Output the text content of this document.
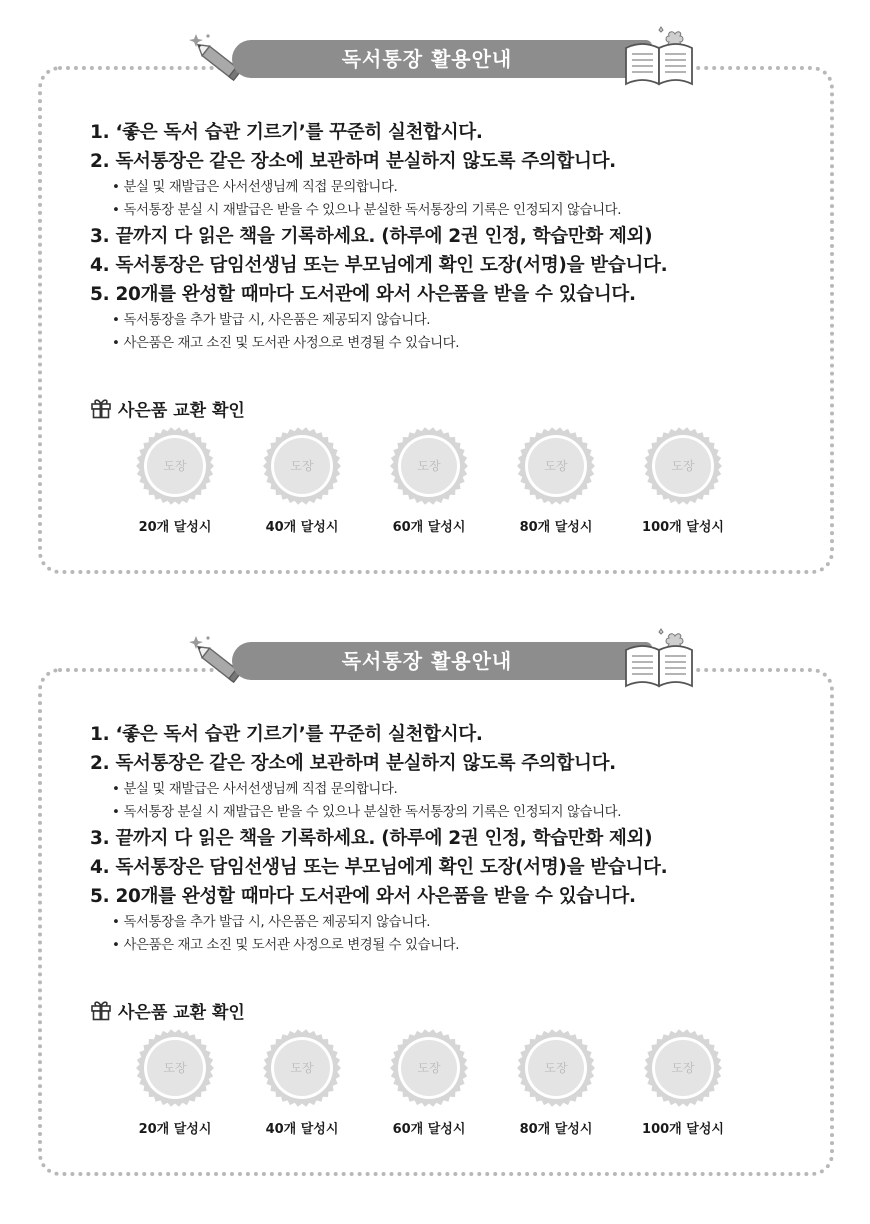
독서통장 활용안내
1. ‘좋은 독서 습관 기르기’를 꾸준히 실천합시다.
2. 독서통장은 같은 장소에 보관하며 분실하지 않도록 주의합니다.
• 분실 및 재발급은 사서선생님께 직접 문의합니다.
• 독서통장 분실 시 재발급은 받을 수 있으나 분실한 독서통장의 기록은 인정되지 않습니다.
3. 끝까지 다 읽은 책을 기록하세요. (하루에 2권 인정, 학습만화 제외)
4. 독서통장은 담임선생님 또는 부모님에게 확인 도장(서명)을 받습니다.
5. 20개를 완성할 때마다 도서관에 와서 사은품을 받을 수 있습니다.
• 독서통장을 추가 발급 시, 사은품은 제공되지 않습니다.
• 사은품은 재고 소진 및 도서관 사정으로 변경될 수 있습니다.
사은품 교환 확인
도장
20개 달성시
도장
40개 달성시
도장
60개 달성시
도장
80개 달성시
도장
100개 달성시
독서통장 활용안내
1. ‘좋은 독서 습관 기르기’를 꾸준히 실천합시다.
2. 독서통장은 같은 장소에 보관하며 분실하지 않도록 주의합니다.
• 분실 및 재발급은 사서선생님께 직접 문의합니다.
• 독서통장 분실 시 재발급은 받을 수 있으나 분실한 독서통장의 기록은 인정되지 않습니다.
3. 끝까지 다 읽은 책을 기록하세요. (하루에 2권 인정, 학습만화 제외)
4. 독서통장은 담임선생님 또는 부모님에게 확인 도장(서명)을 받습니다.
5. 20개를 완성할 때마다 도서관에 와서 사은품을 받을 수 있습니다.
• 독서통장을 추가 발급 시, 사은품은 제공되지 않습니다.
• 사은품은 재고 소진 및 도서관 사정으로 변경될 수 있습니다.
사은품 교환 확인
도장
20개 달성시
도장
40개 달성시
도장
60개 달성시
도장
80개 달성시
도장
100개 달성시
